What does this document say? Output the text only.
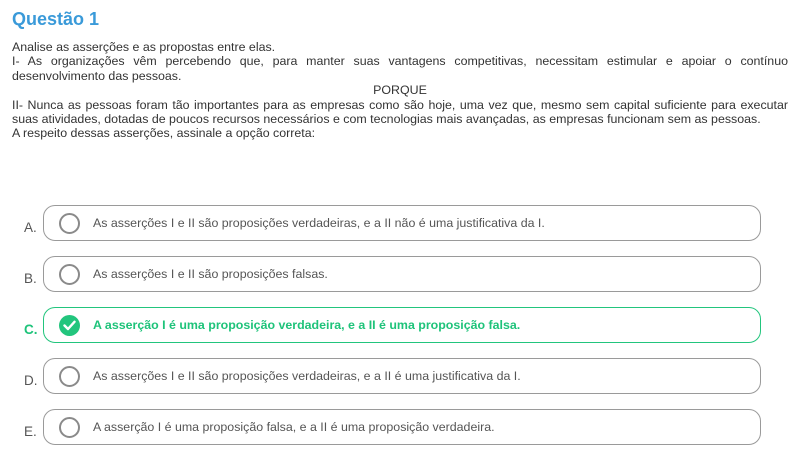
Questão 1

Analise as asserções e as propostas entre elas.

I- As organizações vêm percebendo que, para manter suas vantagens competitivas, necessitam estimular e apoiar o contínuo desenvolvimento das pessoas.

PORQUE

II- Nunca as pessoas foram tão importantes para as empresas como são hoje, uma vez que, mesmo sem capital suficiente para executar suas atividades, dotadas de poucos recursos necessários e com tecnologias mais avançadas, as empresas funcionam sem as pessoas.

A respeito dessas asserções, assinale a opção correta:

A.	As asserções I e II são proposições verdadeiras, e a II não é uma justificativa da I.
B.	As asserções I e II são proposições falsas.
C.	A asserção I é uma proposição verdadeira, e a II é uma proposição falsa.
D.	As asserções I e II são proposições verdadeiras, e a II é uma justificativa da I.
E.	A asserção I é uma proposição falsa, e a II é uma proposição verdadeira.
